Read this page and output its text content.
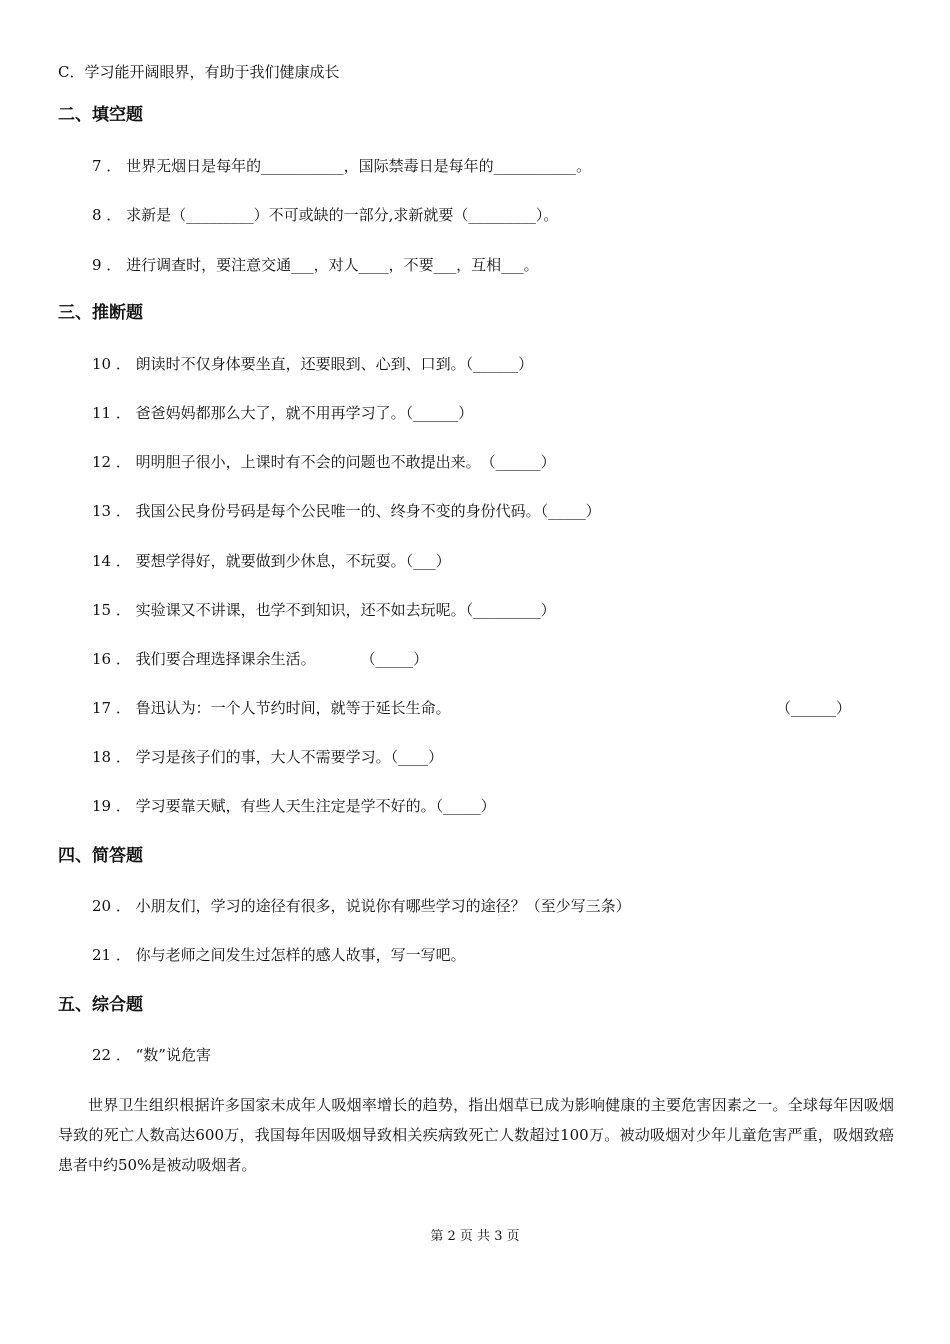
C．学习能开阔眼界，有助于我们健康成长
二、填空题
7 ． 世界无烟日是每年的___________，国际禁毒日是每年的___________。
8 ． 求新是（_________）不可或缺的一部分,求新就要（_________）。
9 ． 进行调查时，要注意交通___，对人____，不要___，互相___。
三、推断题
10 ． 朗读时不仅身体要坐直，还要眼到、心到、口到。（______）
11 ． 爸爸妈妈都那么大了，就不用再学习了。（______）
12 ． 明明胆子很小，上课时有不会的问题也不敢提出来。　（______）
13 ． 我国公民身份号码是每个公民唯一的、终身不变的身份代码。（_____）
14 ． 要想学得好，就要做到少休息，不玩耍。（___）
15 ． 实验课又不讲课，也学不到知识，还不如去玩呢。（_________）
16 ． 我们要合理选择课余生活。　　　　（_____）
17 ． 鲁迅认为：一个人节约时间，就等于延长生命。	（______）
18 ． 学习是孩子们的事，大人不需要学习。（____）
19 ． 学习要靠天赋，有些人天生注定是学不好的。（_____）
四、简答题
20 ． 小朋友们，学习的途径有很多，说说你有哪些学习的途径？（至少写三条）
21 ． 你与老师之间发生过怎样的感人故事，写一写吧。
五、综合题
22 ． “数”说危害
世界卫生组织根据许多国家未成年人吸烟率增长的趋势，指出烟草已成为影响健康的主要危害因素之一。全球每年因吸烟导致的死亡人数高达600万，我国每年因吸烟导致相关疾病致死亡人数超过100万。被动吸烟对少年儿童危害严重，吸烟致癌患者中约50%是被动吸烟者。
第 2 页 共 3 页
